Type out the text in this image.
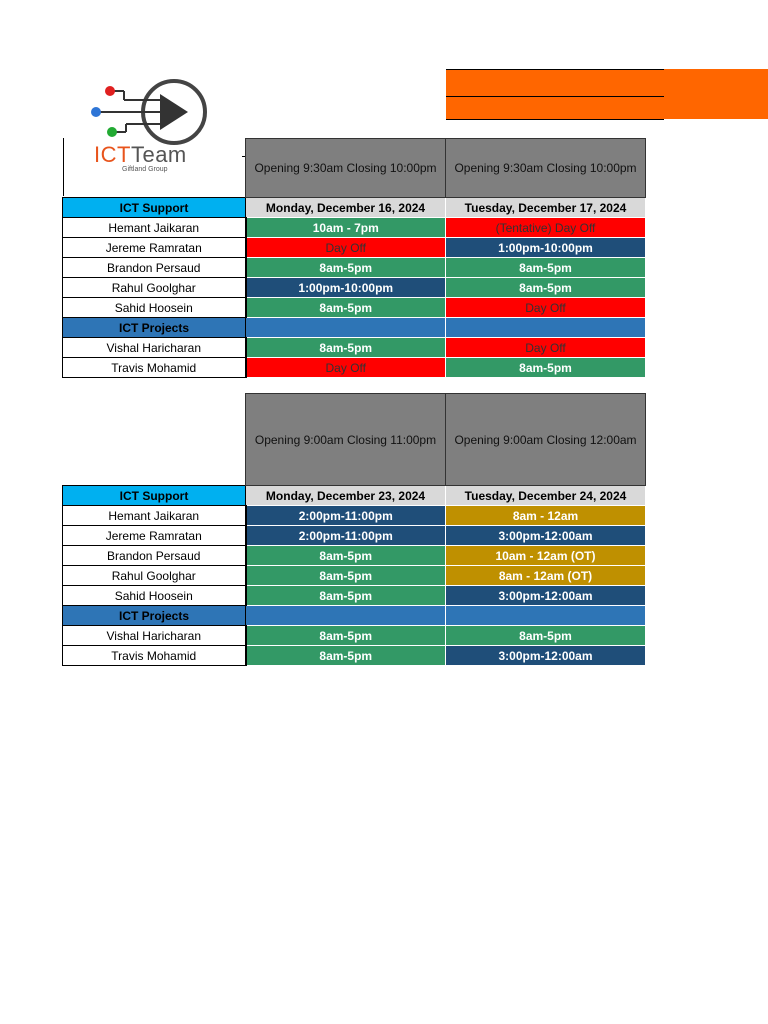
ICTTeam
Giftland Group
		Opening 9:30am Closing 10:00pm	Opening 9:30am Closing 10:00pm
ICT Support	Monday, December 16, 2024	Tuesday, December 17, 2024
Hemant Jaikaran	10am - 7pm	(Tentative) Day Off
Jereme Ramratan	Day Off	1:00pm-10:00pm
Brandon Persaud	8am-5pm	8am-5pm
Rahul Goolghar	1:00pm-10:00pm	8am-5pm
Sahid Hoosein	8am-5pm	Day Off
ICT Projects		
Vishal Haricharan	8am-5pm	Day Off
Travis Mohamid	Day Off	8am-5pm
	Opening 9:00am Closing 11:00pm	Opening 9:00am Closing 12:00am
ICT Support	Monday, December 23, 2024	Tuesday, December 24, 2024
Hemant Jaikaran	2:00pm-11:00pm	8am - 12am
Jereme Ramratan	2:00pm-11:00pm	3:00pm-12:00am
Brandon Persaud	8am-5pm	10am - 12am (OT)
Rahul Goolghar	8am-5pm	8am - 12am (OT)
Sahid Hoosein	8am-5pm	3:00pm-12:00am
ICT Projects		
Vishal Haricharan	8am-5pm	8am-5pm
Travis Mohamid	8am-5pm	3:00pm-12:00am
